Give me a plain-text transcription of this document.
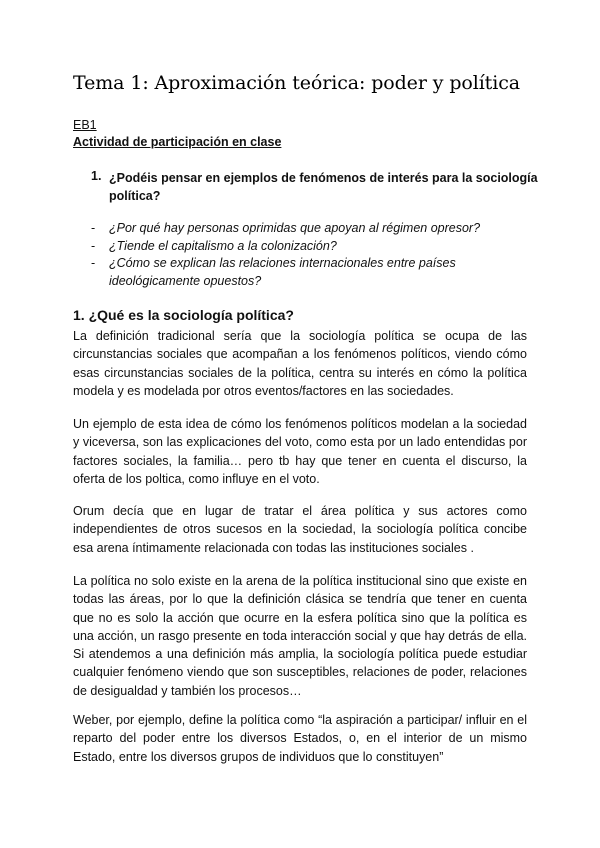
Tema 1: Aproximación teórica: poder y política

EB1

Actividad de participación en clase

1. ¿Podéis pensar en ejemplos de fenómenos de interés para la sociología política?

- ¿Por qué hay personas oprimidas que apoyan al régimen opresor?
- ¿Tiende el capitalismo a la colonización?
- ¿Cómo se explican las relaciones internacionales entre países ideológicamente opuestos?
1. ¿Qué es la sociología política?

La definición tradicional sería que la sociología política se ocupa de las circunstancias sociales que acompañan a los fenómenos políticos, viendo cómo esas circunstancias sociales de la política, centra su interés en cómo la política modela y es modelada por otros eventos/factores en las sociedades.

Un ejemplo de esta idea de cómo los fenómenos políticos modelan a la sociedad y viceversa, son las explicaciones del voto, como esta por un lado entendidas por factores sociales, la familia… pero tb hay que tener en cuenta el discurso, la oferta de los poltica, como influye en el voto.

Orum decía que en lugar de tratar el área política y sus actores como independientes de otros sucesos en la sociedad, la sociología política concibe esa arena íntimamente relacionada con todas las instituciones sociales .

La política no solo existe en la arena de la política institucional sino que existe en todas las áreas, por lo que la definición clásica se tendría que tener en cuenta que no es solo la acción que ocurre en la esfera política sino que la política es una acción, un rasgo presente en toda interacción social y que hay detrás de ella. Si atendemos a una definición más amplia, la sociología política puede estudiar cualquier fenómeno viendo que son susceptibles, relaciones de poder, relaciones de desigualdad y también los procesos…

Weber, por ejemplo, define la política como “la aspiración a participar/ influir en el reparto del poder entre los diversos Estados, o, en el interior de un mismo Estado, entre los diversos grupos de individuos que lo constituyen”
